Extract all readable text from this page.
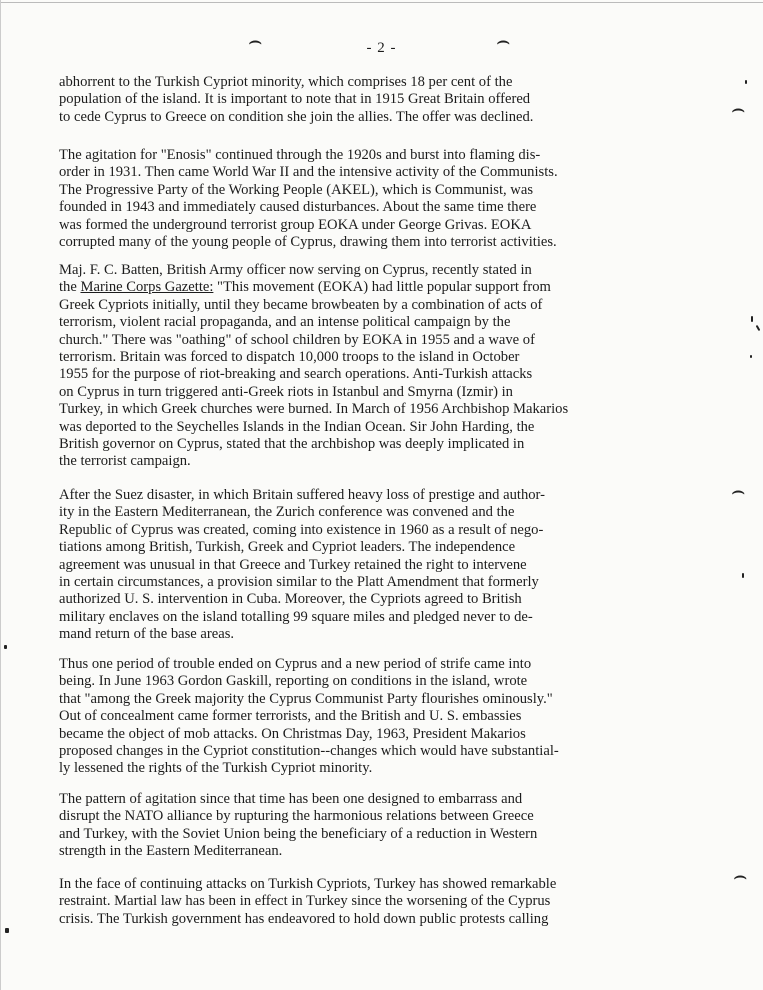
⌢	⌢
⌢
⌢
⌢
- 2 -
abhorrent to the Turkish Cypriot minority, which comprises 18 per cent of the
population of the island. It is important to note that in 1915 Great Britain offered
to cede Cyprus to Greece on condition she join the allies. The offer was declined.
The agitation for "Enosis" continued through the 1920s and burst into flaming dis-
order in 1931. Then came World War II and the intensive activity of the Communists.
The Progressive Party of the Working People (AKEL), which is Communist, was
founded in 1943 and immediately caused disturbances. About the same time there
was formed the underground terrorist group EOKA under George Grivas. EOKA
corrupted many of the young people of Cyprus, drawing them into terrorist activities.
Maj. F. C. Batten, British Army officer now serving on Cyprus, recently stated in
the Marine Corps Gazette: "This movement (EOKA) had little popular support from
Greek Cypriots initially, until they became browbeaten by a combination of acts of
terrorism, violent racial propaganda, and an intense political campaign by the
church." There was "oathing" of school children by EOKA in 1955 and a wave of
terrorism. Britain was forced to dispatch 10,000 troops to the island in October
1955 for the purpose of riot-breaking and search operations. Anti-Turkish attacks
on Cyprus in turn triggered anti-Greek riots in Istanbul and Smyrna (Izmir) in
Turkey, in which Greek churches were burned. In March of 1956 Archbishop Makarios
was deported to the Seychelles Islands in the Indian Ocean. Sir John Harding, the
British governor on Cyprus, stated that the archbishop was deeply implicated in
the terrorist campaign.
After the Suez disaster, in which Britain suffered heavy loss of prestige and author-
ity in the Eastern Mediterranean, the Zurich conference was convened and the
Republic of Cyprus was created, coming into existence in 1960 as a result of nego-
tiations among British, Turkish, Greek and Cypriot leaders. The independence
agreement was unusual in that Greece and Turkey retained the right to intervene
in certain circumstances, a provision similar to the Platt Amendment that formerly
authorized U. S. intervention in Cuba. Moreover, the Cypriots agreed to British
military enclaves on the island totalling 99 square miles and pledged never to de-
mand return of the base areas.
Thus one period of trouble ended on Cyprus and a new period of strife came into
being. In June 1963 Gordon Gaskill, reporting on conditions in the island, wrote
that "among the Greek majority the Cyprus Communist Party flourishes ominously."
Out of concealment came former terrorists, and the British and U. S. embassies
became the object of mob attacks. On Christmas Day, 1963, President Makarios
proposed changes in the Cypriot constitution--changes which would have substantial-
ly lessened the rights of the Turkish Cypriot minority.
The pattern of agitation since that time has been one designed to embarrass and
disrupt the NATO alliance by rupturing the harmonious relations between Greece
and Turkey, with the Soviet Union being the beneficiary of a reduction in Western
strength in the Eastern Mediterranean.
In the face of continuing attacks on Turkish Cypriots, Turkey has showed remarkable
restraint. Martial law has been in effect in Turkey since the worsening of the Cyprus
crisis. The Turkish government has endeavored to hold down public protests calling
